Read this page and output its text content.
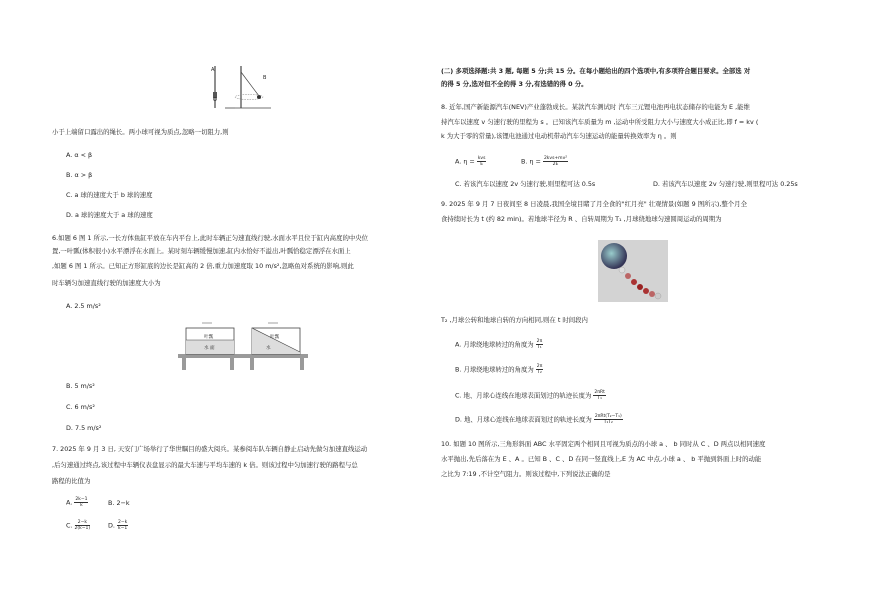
A
B
O
小于上端留口露出的绳长。两小球可视为质点,忽略一切阻力,则
A. α < β
B. α > β
C. a 球的速度大于 b 球的速度
D. a 球的速度大于 a 球的速度
6.如题 6 图 1 所示,一长方体鱼缸平放在车内平台上,此时车辆正匀速直线行驶,水面水平且位于缸内高度的中央位
置,一叶瓢(体积很小)水平漂浮在水面上。某时刻车辆缓慢加速,缸内水恰好不溢出,叶瓢恰稳定漂浮在水面上
,如题 6 图 1 所示。已知正方形缸底的边长是缸高的 2 倍,重力加速度取 10 m/s²,忽略鱼对系统的影响,则此
时车辆匀加速直线行驶的加速度大小为
A. 2.5 m/s²
叶瓢
水 面
叶瓢
水
B. 5 m/s²
C. 6 m/s²
D. 7.5 m/s²
7. 2025 年 9 月 3 日, 天安门广场举行了华世瞩目的盛大阅兵。某参阅车队车辆自静止启动先做匀加速直线运动
,后匀速通过终点,该过程中车辆仪表盘显示的最大车速与平均车速的 k 倍。则该过程中匀加速行驶的路程与总
路程的比值为
A. $\frac{2k-1}{k}$	B. 2−k
C. $\frac{2-k}{2(k-1)}$	D. $\frac{2-k}{k-1}$
(二) 多项选择题:共 3 题, 每题 5 分;共 15 分。在每小题给出的四个选项中,有多项符合题目要求。全部选 对
的得 5 分,选对但不全的得 3 分,有选错的得 0 分。
8. 近年,国产新能源汽车(NEV)产业蓬勃成长。某款汽车测试时 汽车三元锂电池再电状态储存的电能为 E ,能维
持汽车以速度 v 匀速行驶的里程为 s 。已知该汽车质量为 m ,运动中所受阻力大小与速度大小成正比,即 f = kv (
k 为大于零的常量),该锂电池通过电动机带动汽车匀速运动的能量转换效率为 η 。则
A. $\eta = \frac{\text{kvs}}{E}$	B. $\eta = \frac{\text{2kvs+mv²}}{2E}$
C. 若该汽车以速度 2v 匀速行驶,则里程可达 0.5s	D. 若该汽车以速度 2v 匀速行驶,则里程可达 0.25s
9. 2025 年 9 月 7 日夜间至 8 日凌晨,我国全境目睹了月全食的"红月亮" 壮观情景(如题 9 图所示),整个月全
食持续时长为 t (约 82 min)。若地球半径为 R 、自转周期为 T₁ ,月球绕地球匀速圆周运动的周期为
T₂ ,月球公转和地球自转的方向相同,则在 t 时间段内
A. 月球绕地球转过的角度为 $\frac{2\pi}{\text{T₁}}$
B. 月球绕地球转过的角度为 $\frac{2\pi}{\text{T₂}}$
C. 地、月球心连线在地球表面划过的轨迹长度为 $\frac{\text{2πRt}}{\text{T₁}}$
D. 地、月球心连线在地球表面划过的轨迹长度为 $\frac{\text{2πRt(T₂−T₁)}}{\text{T₁T₂}}$
10. 如题 10 图所示,三角形斜面 ABC 水平固定两个相同且可视为质点的小球 a 、 b 同时从 C 、D 两点以相同速度
水平抛出,先后落在为 E 、A 。已知 B 、C 、D 在同一竖直线上,E 为 AC 中点,小球 a 、 b 平抛到斜面上时的动能
之比为 7:19 ,不计空气阻力。则该过程中,下列说法正确的是
